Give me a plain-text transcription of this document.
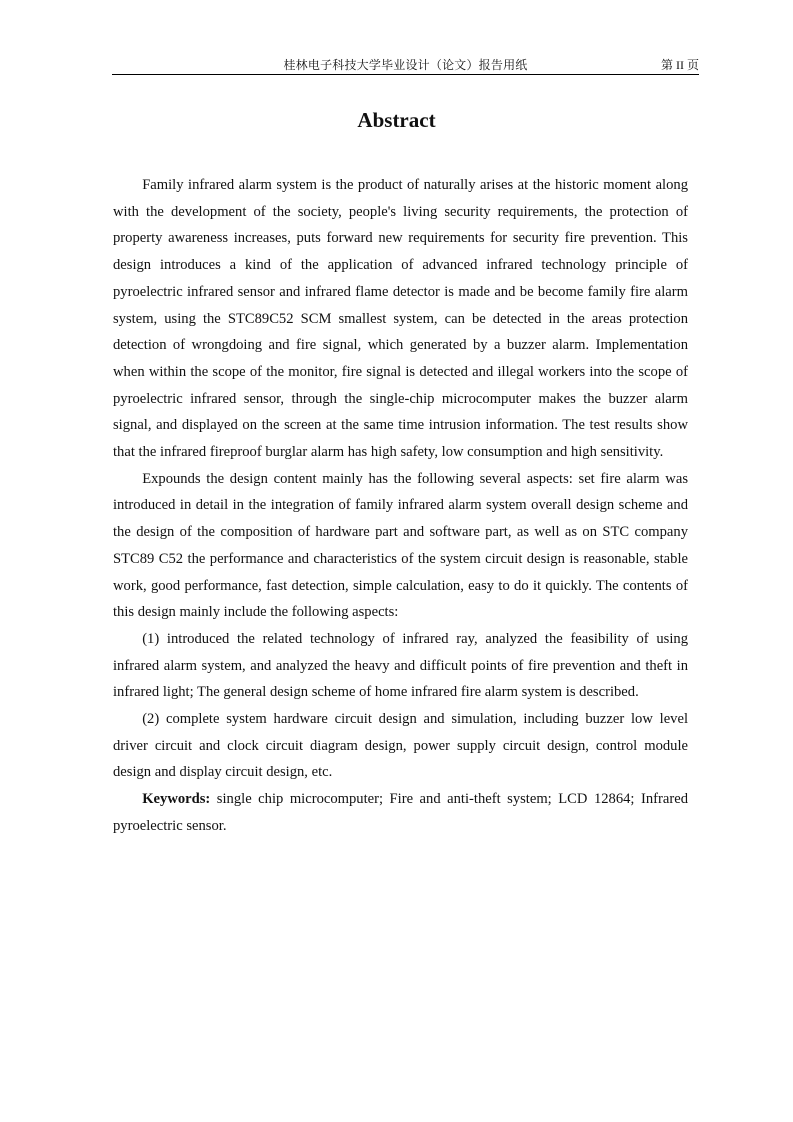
桂林电子科技大学毕业设计（论文）报告用纸	第 II 页
Abstract

Family infrared alarm system is the product of naturally arises at the historic moment along with the development of the society, people's living security requirements, the protection of property awareness increases, puts forward new requirements for security fire prevention. This design introduces a kind of the application of advanced infrared technology principle of pyroelectric infrared sensor and infrared flame detector is made and be become family fire alarm system, using the STC89C52 SCM smallest system, can be detected in the areas protection detection of wrongdoing and fire signal, which generated by a buzzer alarm. Implementation when within the scope of the monitor, fire signal is detected and illegal workers into the scope of pyroelectric infrared sensor, through the single-chip microcomputer makes the buzzer alarm signal, and displayed on the screen at the same time intrusion information. The test results show that the infrared fireproof burglar alarm has high safety, low consumption and high sensitivity.

Expounds the design content mainly has the following several aspects: set fire alarm was introduced in detail in the integration of family infrared alarm system overall design scheme and the design of the composition of hardware part and software part, as well as on STC company STC89 C52 the performance and characteristics of the system circuit design is reasonable, stable work, good performance, fast detection, simple calculation, easy to do it quickly. The contents of this design mainly include the following aspects:

(1) introduced the related technology of infrared ray, analyzed the feasibility of using infrared alarm system, and analyzed the heavy and difficult points of fire prevention and theft in infrared light; The general design scheme of home infrared fire alarm system is described.

(2) complete system hardware circuit design and simulation, including buzzer low level driver circuit and clock circuit diagram design, power supply circuit design, control module design and display circuit design, etc.

Keywords: single chip microcomputer; Fire and anti-theft system; LCD 12864; Infrared pyroelectric sensor.
